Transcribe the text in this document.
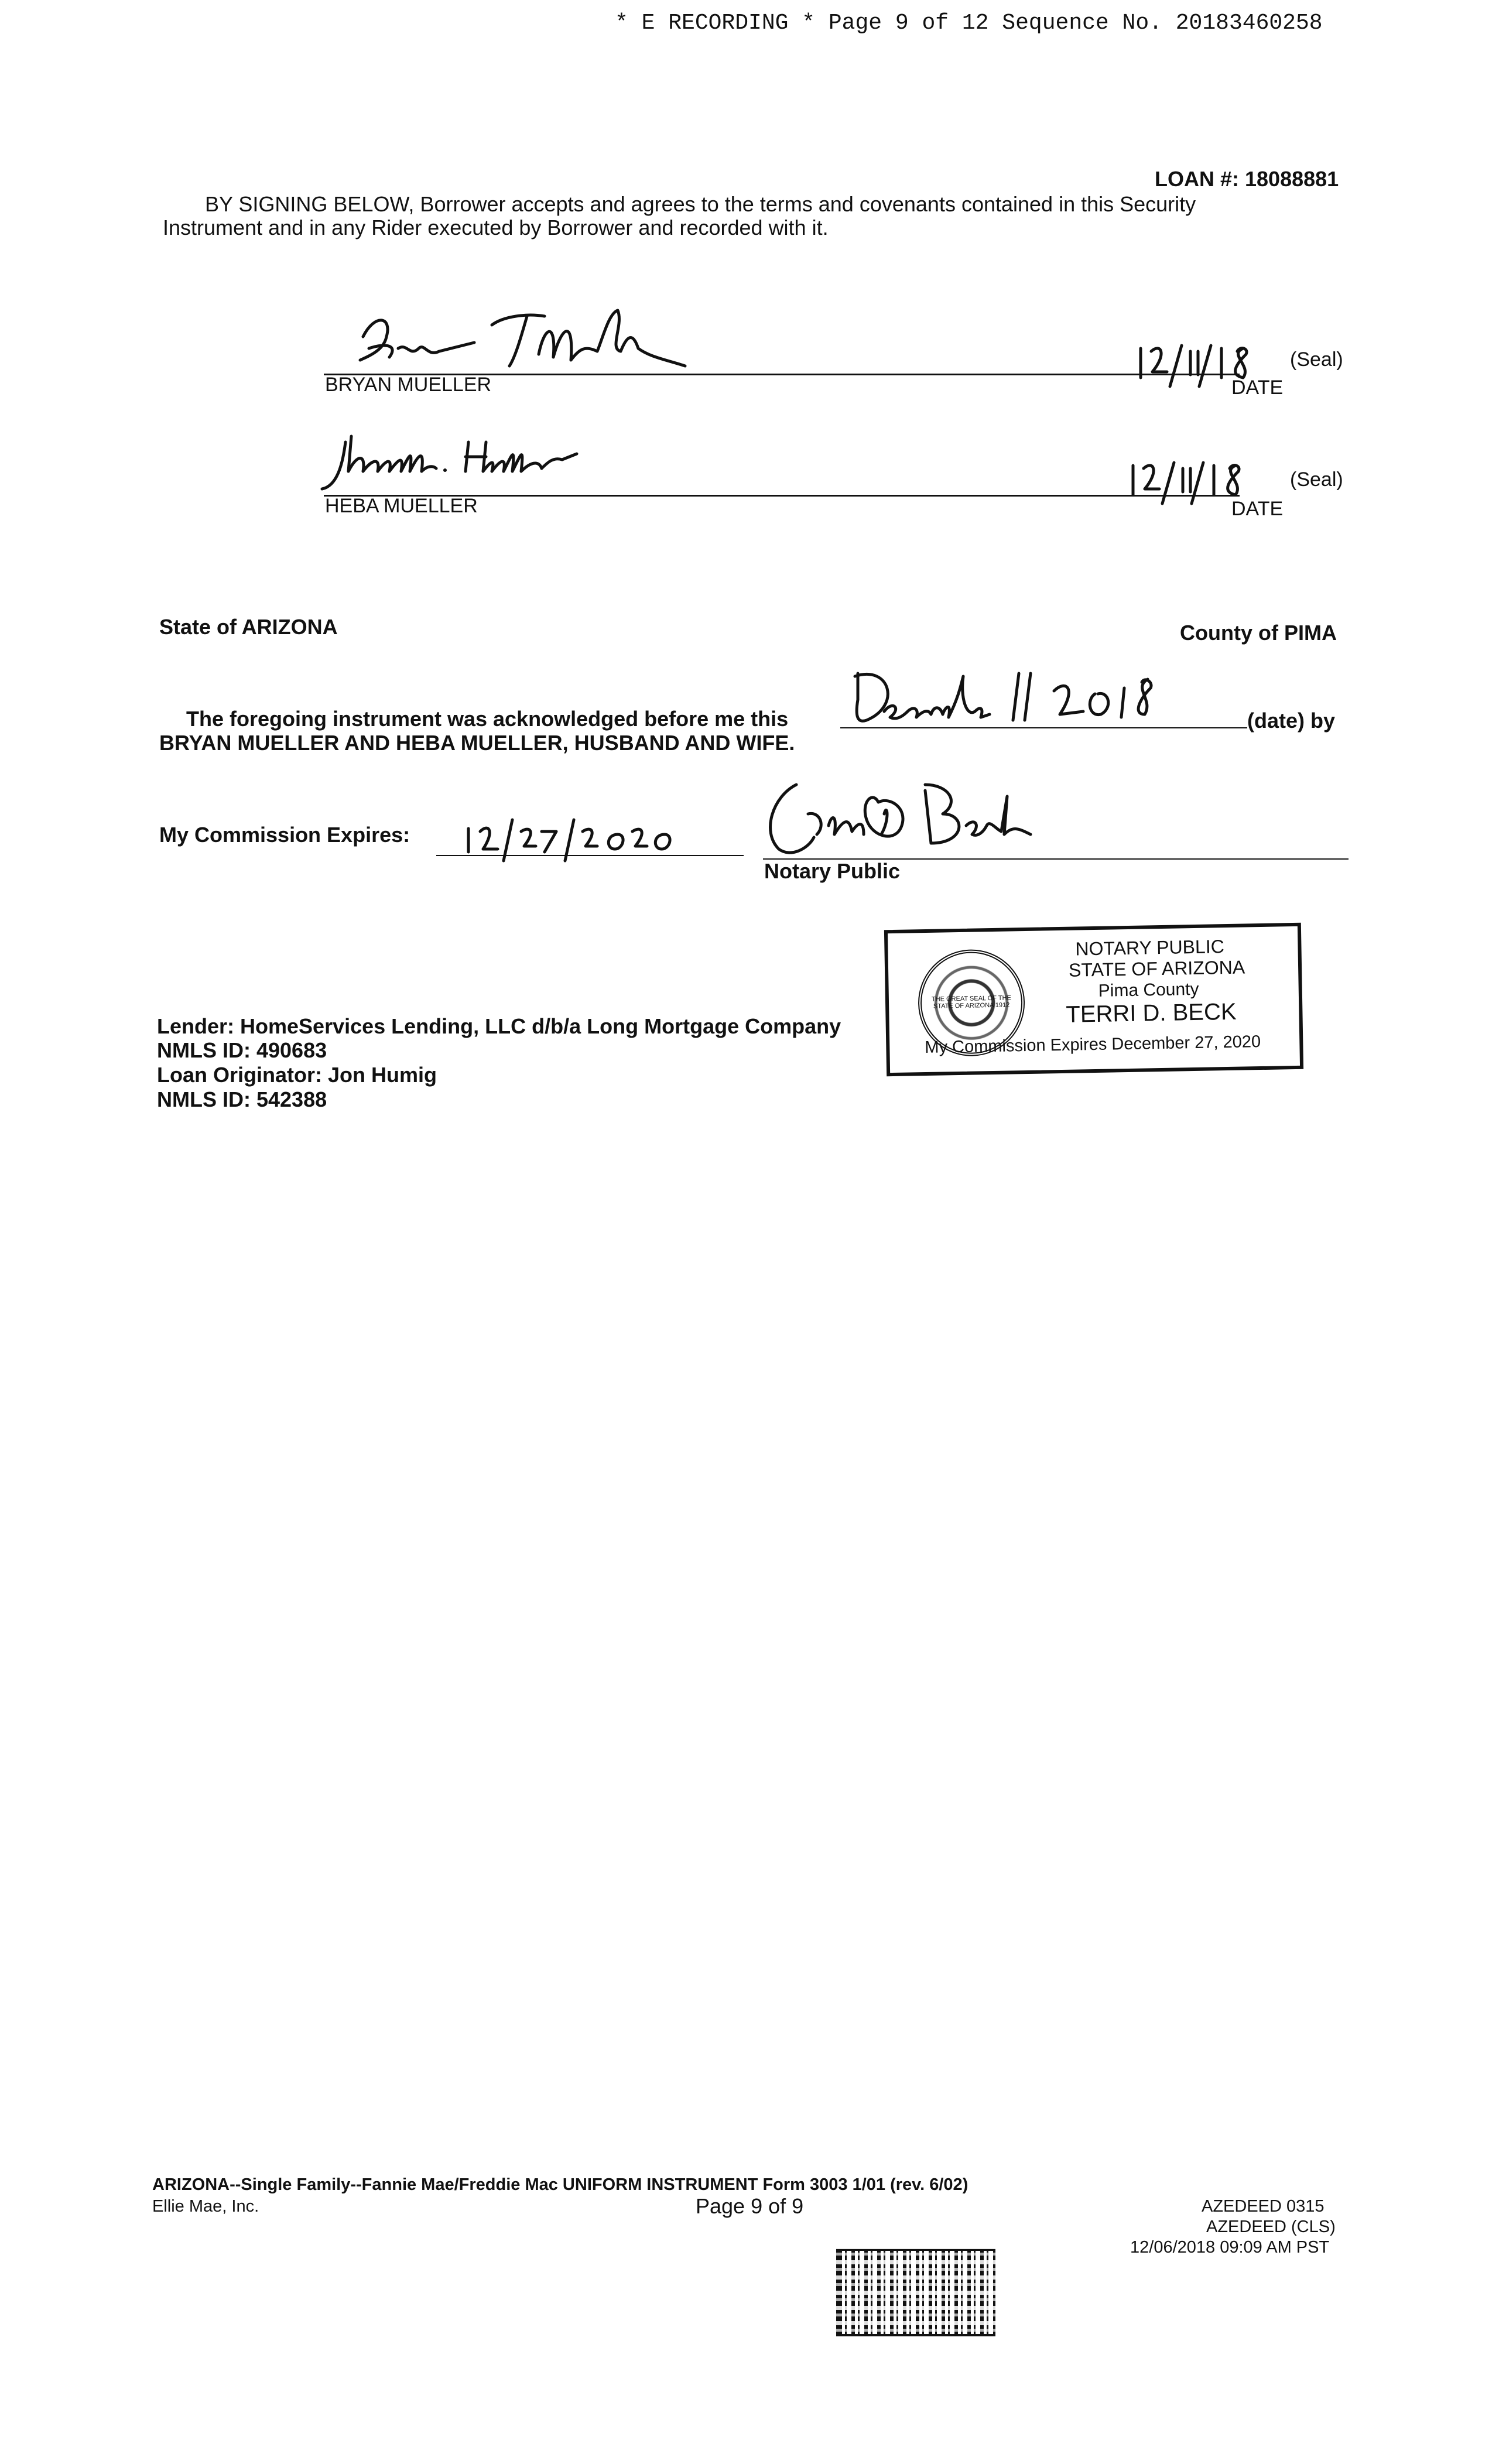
* E RECORDING * Page 9 of 12 Sequence No. 20183460258
LOAN #: 18088881
BY SIGNING BELOW, Borrower accepts and agrees to the terms and covenants contained in this Security
Instrument and in any Rider executed by Borrower and recorded with it.
BRYAN MUELLER
(Seal)
DATE
HEBA MUELLER
(Seal)
DATE
State of ARIZONA	County of PIMA
The foregoing instrument was acknowledged before me this	(date) by
BRYAN MUELLER AND HEBA MUELLER, HUSBAND AND WIFE.
My Commission Expires:
Notary Public
THE GREAT SEAL OF THE STATE OF ARIZONA 1912
NOTARY PUBLIC
STATE OF ARIZONA
Pima County
TERRI D. BECK
My Commission Expires December 27, 2020
Lender: HomeServices Lending, LLC d/b/a Long Mortgage Company
NMLS ID: 490683
Loan Originator: Jon Humig
NMLS ID: 542388
ARIZONA--Single Family--Fannie Mae/Freddie Mac UNIFORM INSTRUMENT Form 3003 1/01 (rev. 6/02)
Ellie Mae, Inc.	Page 9 of 9	AZEDEED 0315
AZEDEED (CLS)
12/06/2018 09:09 AM PST
